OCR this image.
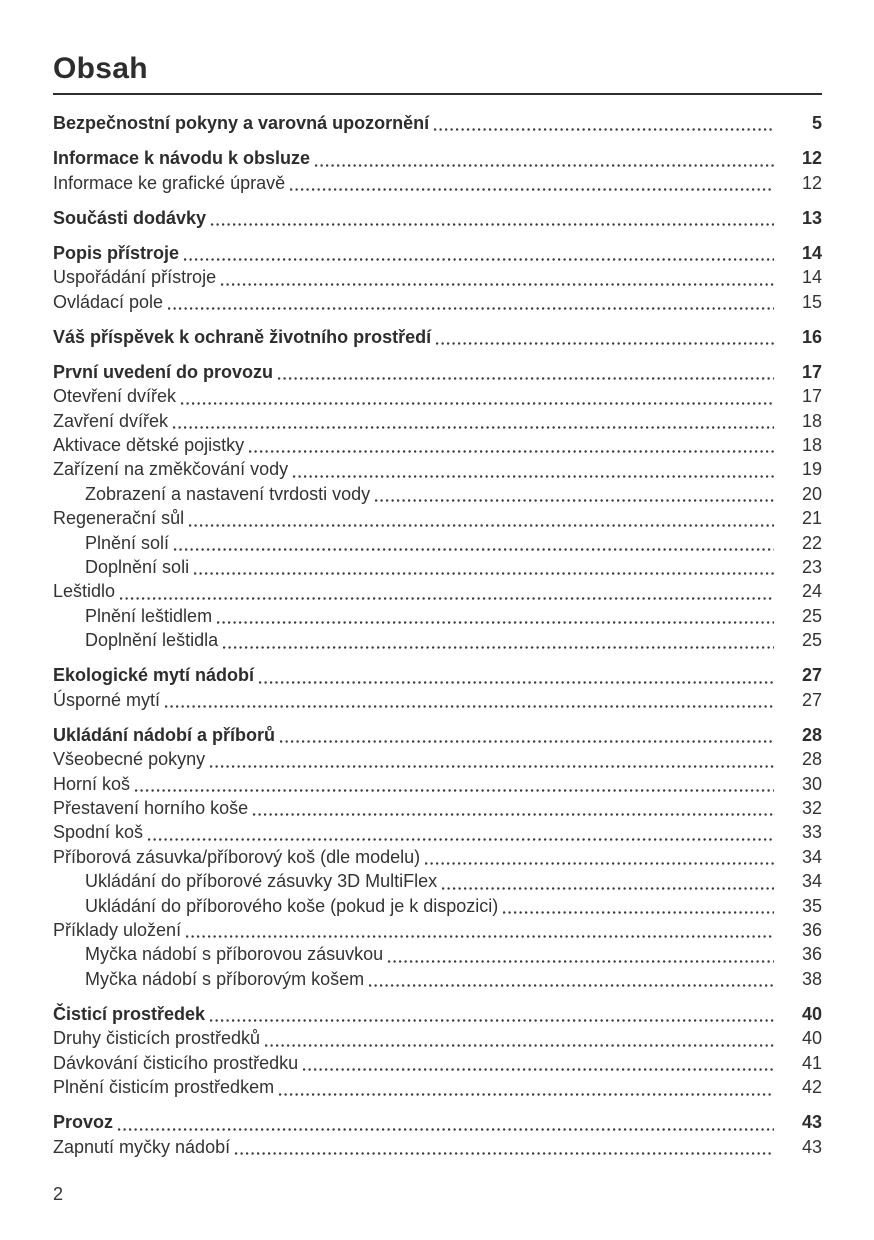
Obsah
Bezpečnostní pokyny a varovná upozornění	5
Informace k návodu k obsluze	12
Informace ke grafické úpravě	12
Součásti dodávky	13
Popis přístroje	14
Uspořádání přístroje	14
Ovládací pole	15
Váš příspěvek k ochraně životního prostředí	16
První uvedení do provozu	17
Otevření dvířek	17
Zavření dvířek	18
Aktivace dětské pojistky	18
Zařízení na změkčování vody	19
Zobrazení a nastavení tvrdosti vody	20
Regenerační sůl	21
Plnění solí	22
Doplnění soli	23
Leštidlo	24
Plnění leštidlem	25
Doplnění leštidla	25
Ekologické mytí nádobí	27
Úsporné mytí	27
Ukládání nádobí a příborů	28
Všeobecné pokyny	28
Horní koš	30
Přestavení horního koše	32
Spodní koš	33
Příborová zásuvka/příborový koš (dle modelu)	34
Ukládání do příborové zásuvky 3D MultiFlex	34
Ukládání do příborového koše (pokud je k dispozici)	35
Příklady uložení	36
Myčka nádobí s příborovou zásuvkou	36
Myčka nádobí s příborovým košem	38
Čisticí prostředek	40
Druhy čisticích prostředků	40
Dávkování čisticího prostředku	41
Plnění čisticím prostředkem	42
Provoz	43
Zapnutí myčky nádobí	43
2
